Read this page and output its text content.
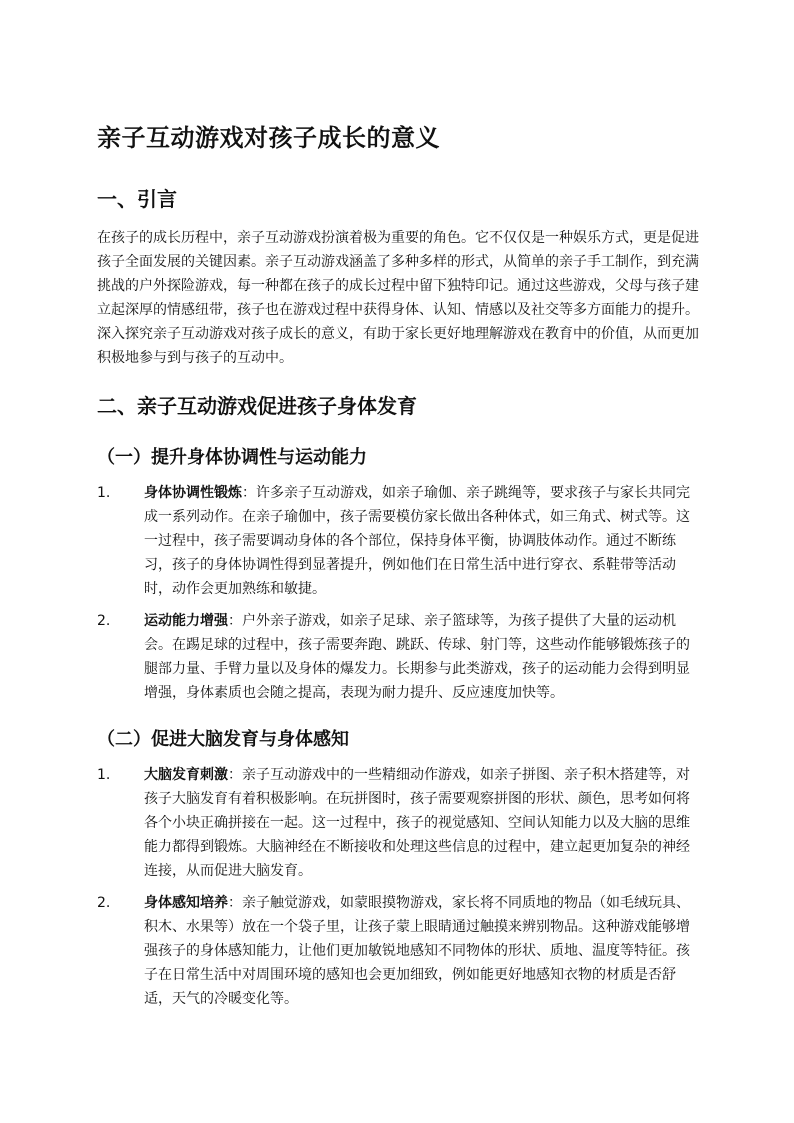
亲子互动游戏对孩子成长的意义
一、引言

在孩子的成长历程中，亲子互动游戏扮演着极为重要的角色。它不仅仅是一种娱乐方式，更是促进孩子全面发展的关键因素。亲子互动游戏涵盖了多种多样的形式，从简单的亲子手工制作，到充满挑战的户外探险游戏，每一种都在孩子的成长过程中留下独特印记。通过这些游戏，父母与孩子建立起深厚的情感纽带，孩子也在游戏过程中获得身体、认知、情感以及社交等多方面能力的提升。深入探究亲子互动游戏对孩子成长的意义，有助于家长更好地理解游戏在教育中的价值，从而更加积极地参与到与孩子的互动中。

二、亲子互动游戏促进孩子身体发育
（一）提升身体协调性与运动能力
1. 身体协调性锻炼：许多亲子互动游戏，如亲子瑜伽、亲子跳绳等，要求孩子与家长共同完成一系列动作。在亲子瑜伽中，孩子需要模仿家长做出各种体式，如三角式、树式等。这一过程中，孩子需要调动身体的各个部位，保持身体平衡，协调肢体动作。通过不断练习，孩子的身体协调性得到显著提升，例如他们在日常生活中进行穿衣、系鞋带等活动时，动作会更加熟练和敏捷。
2. 运动能力增强：户外亲子游戏，如亲子足球、亲子篮球等，为孩子提供了大量的运动机会。在踢足球的过程中，孩子需要奔跑、跳跃、传球、射门等，这些动作能够锻炼孩子的腿部力量、手臂力量以及身体的爆发力。长期参与此类游戏，孩子的运动能力会得到明显增强，身体素质也会随之提高，表现为耐力提升、反应速度加快等。
（二）促进大脑发育与身体感知
1. 大脑发育刺激：亲子互动游戏中的一些精细动作游戏，如亲子拼图、亲子积木搭建等，对孩子大脑发育有着积极影响。在玩拼图时，孩子需要观察拼图的形状、颜色，思考如何将各个小块正确拼接在一起。这一过程中，孩子的视觉感知、空间认知能力以及大脑的思维能力都得到锻炼。大脑神经在不断接收和处理这些信息的过程中，建立起更加复杂的神经连接，从而促进大脑发育。
2. 身体感知培养：亲子触觉游戏，如蒙眼摸物游戏，家长将不同质地的物品（如毛绒玩具、积木、水果等）放在一个袋子里，让孩子蒙上眼睛通过触摸来辨别物品。这种游戏能够增强孩子的身体感知能力，让他们更加敏锐地感知不同物体的形状、质地、温度等特征。孩子在日常生活中对周围环境的感知也会更加细致，例如能更好地感知衣物的材质是否舒适，天气的冷暖变化等。
